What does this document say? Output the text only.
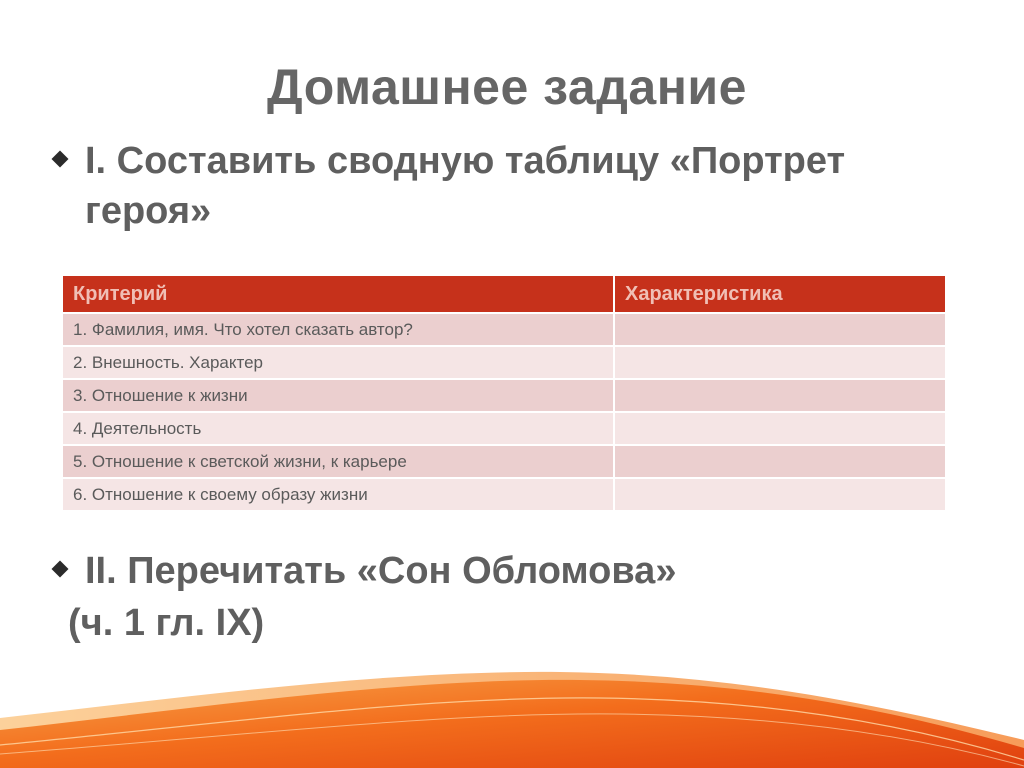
Домашнее задание
I. Составить сводную таблицу «Портрет героя»
Критерий	Характеристика
1. Фамилия, имя. Что хотел сказать автор?	
2. Внешность. Характер	
3. Отношение к жизни	
4. Деятельность	
5. Отношение к светской жизни, к карьере	
6. Отношение к своему образу жизни	
II. Перечитать «Сон Обломова»
(ч. 1 гл. IX)
